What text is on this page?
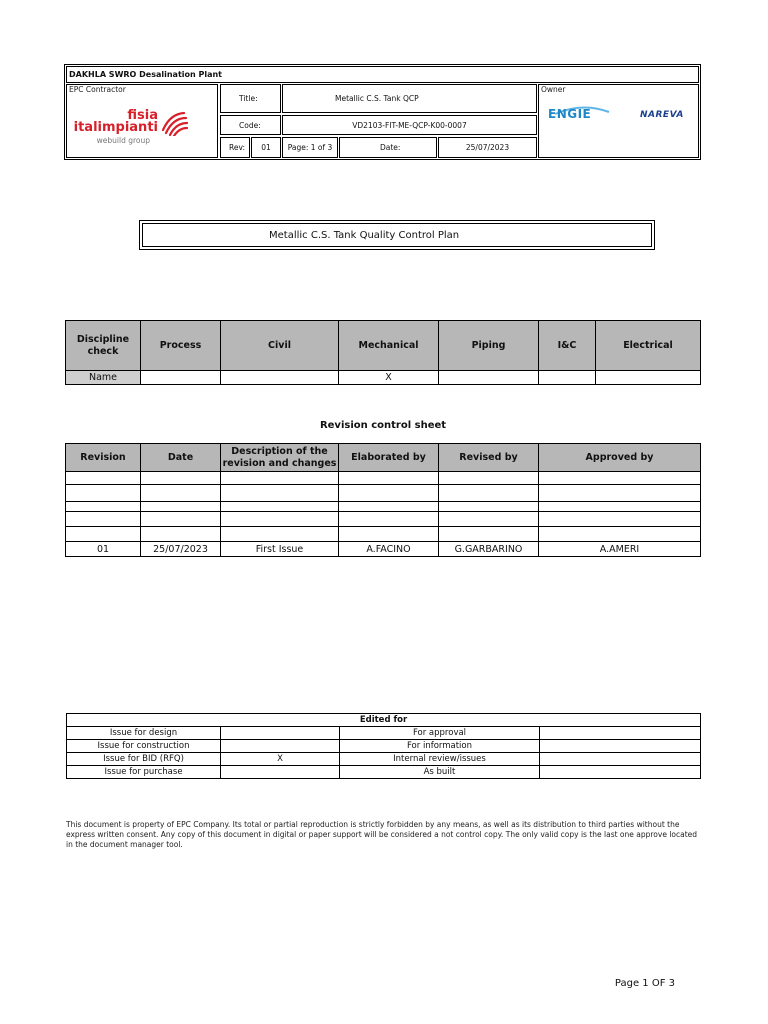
DAKHLA SWRO Desalination Plant
EPC Contractor
fisia
italimpianti
webuild group
Title:	Metallic C.S. Tank QCP
Code:	VD2103-FIT-ME-QCP-K00-0007
Rev:	01	Page: 1 of 3	Date:	25/07/2023
Owner
ENGIE	NAREVA
Metallic C.S. Tank Quality Control Plan
Discipline check	Process	Civil	Mechanical	Piping	I&C	Electrical
Name			X			
Revision control sheet
Revision	Date	Description of the revision and changes	Elaborated by	Revised by	Approved by

01	25/07/2023	First Issue	A.FACINO	G.GARBARINO	A.AMERI
Edited for			
Issue for design		For approval	
Issue for construction		For information	
Issue for BID (RFQ)	X	Internal review/issues	
Issue for purchase		As built	
This document is property of EPC Company. Its total or partial reproduction is strictly forbidden by any means, as well as its distribution to third parties without the express written consent. Any copy of this document in digital or paper support will be considered a not control copy. The only valid copy is the last one approve located in the document manager tool.
Page 1 OF 3
